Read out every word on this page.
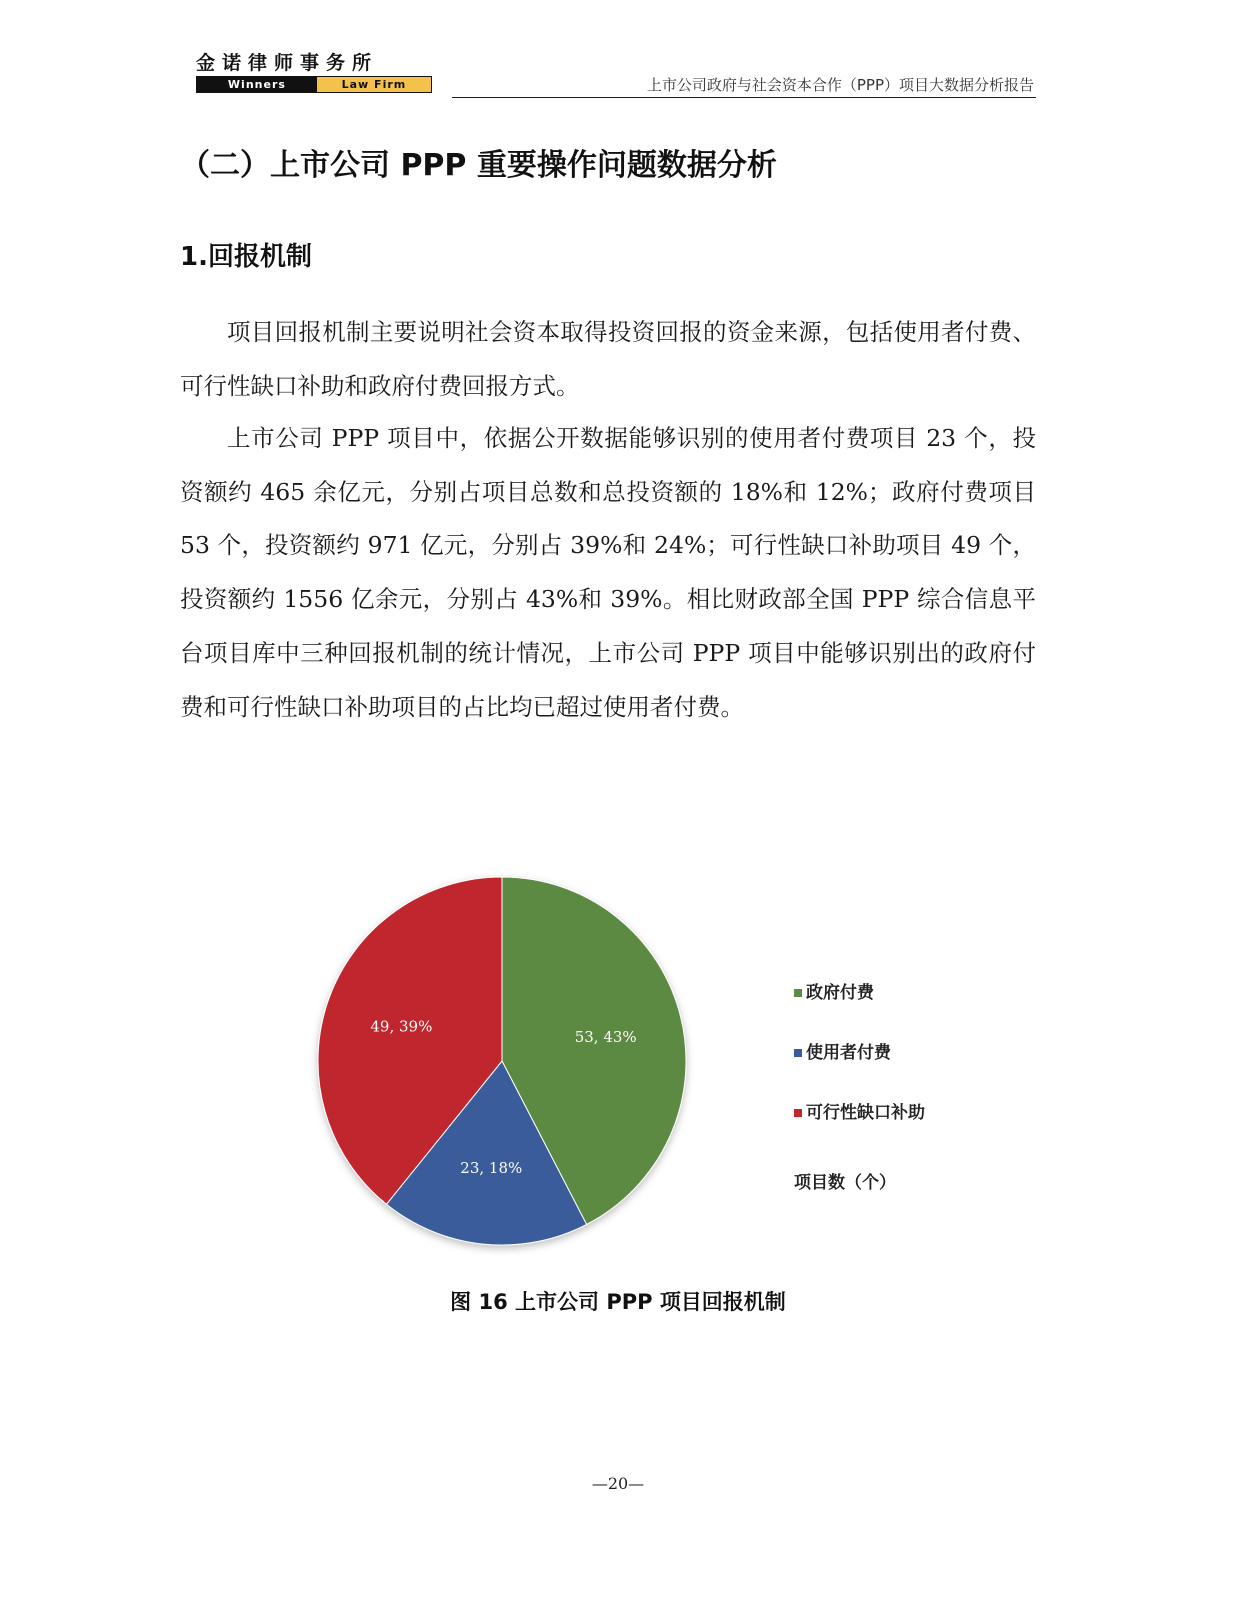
金诺律师事务所
Winners	Law Firm	上市公司政府与社会资本合作（PPP）项目大数据分析报告
（二）上市公司 PPP 重要操作问题数据分析
1.回报机制

项目回报机制主要说明社会资本取得投资回报的资金来源，包括使用者付费、可行性缺口补助和政府付费回报方式。

上市公司 PPP 项目中，依据公开数据能够识别的使用者付费项目 23 个，投资额约 465 余亿元，分别占项目总数和总投资额的 18%和 12%；政府付费项目 53 个，投资额约 971 亿元，分别占 39%和 24%；可行性缺口补助项目 49 个，投资额约 1556 亿余元，分别占 43%和 39%。相比财政部全国 PPP 综合信息平台项目库中三种回报机制的统计情况，上市公司 PPP 项目中能够识别出的政府付费和可行性缺口补助项目的占比均已超过使用者付费。

53, 43%
23, 18%
49, 39%
政府付费
使用者付费
可行性缺口补助
项目数（个）
图 16 上市公司 PPP 项目回报机制
—20—
